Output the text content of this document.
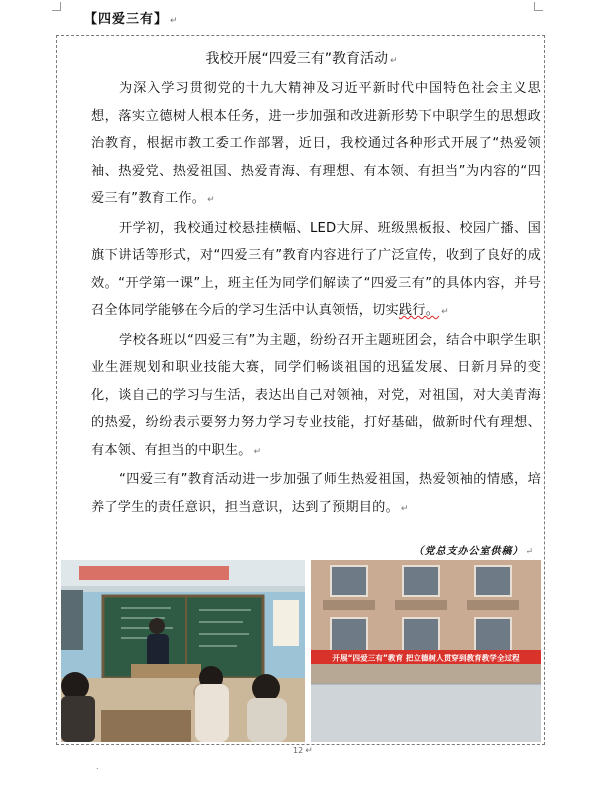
【四爱三有】 ↵
我校开展“四爱三有”教育活动 ↵

为深入学习贯彻党的十九大精神及习近平新时代中国特色社会主义思想，落实立德树人根本任务，进一步加强和改进新形势下中职学生的思想政治教育，根据市教工委工作部署，近日，我校通过各种形式开展了“热爱领袖、热爱党、热爱祖国、热爱青海、有理想、有本领、有担当”为内容的“四爱三有”教育工作。 ↵

开学初，我校通过校悬挂横幅、LED大屏、班级黑板报、校园广播、国旗下讲话等形式，对“四爱三有”教育内容进行了广泛宣传，收到了良好的成效。“开学第一课”上，班主任为同学们解读了“四爱三有”的具体内容，并号召全体同学能够在今后的学习生活中认真领悟，切实践行。 ↵

学校各班以“四爱三有”为主题，纷纷召开主题班团会，结合中职学生职业生涯规划和职业技能大赛，同学们畅谈祖国的迅猛发展、日新月异的变化，谈自己的学习与生活，表达出自己对领袖，对党，对祖国，对大美青海的热爱，纷纷表示要努力努力学习专业技能，打好基础，做新时代有理想、有本领、有担当的中职生。 ↵

“四爱三有”教育活动进一步加强了师生热爱祖国，热爱领袖的情感，培养了学生的责任意识，担当意识，达到了预期目的。 ↵

（党总支办公室供稿） ↵
开展“四爱三有”教育 把立德树人贯穿到教育教学全过程
12 ↵
.
